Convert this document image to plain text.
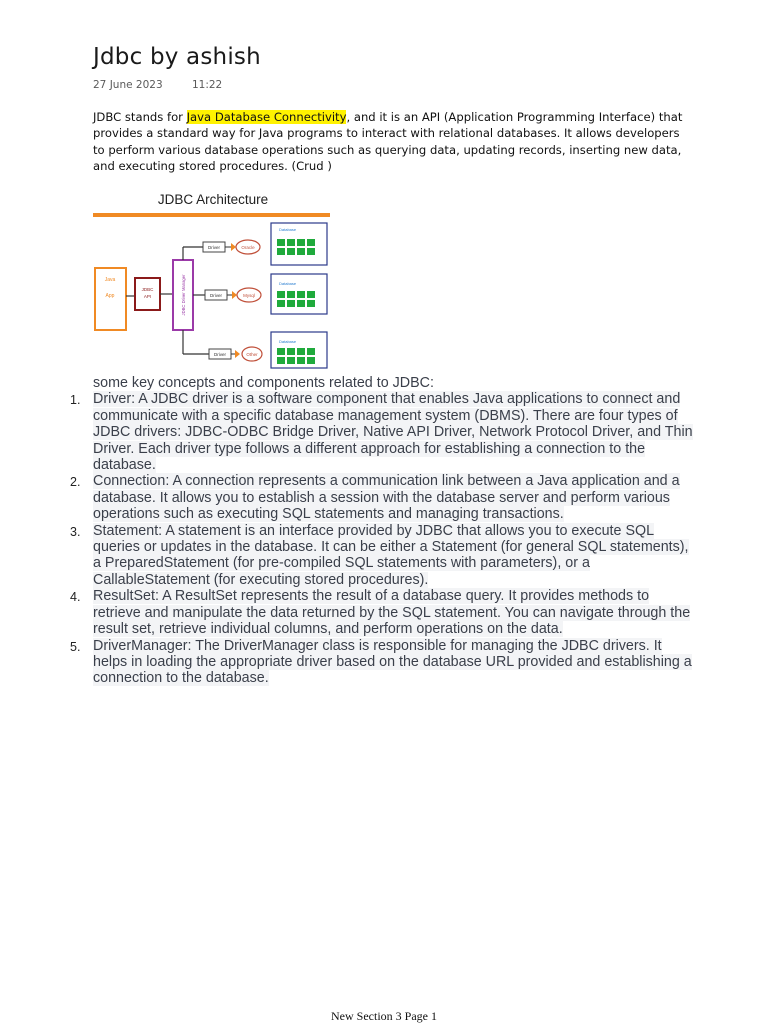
Jdbc by ashish
27 June 2023	11:22
JDBC stands for Java Database Connectivity, and it is an API (Application Programming Interface) that provides a standard way for Java programs to interact with relational databases. It allows developers to perform various database operations such as querying data, updating records, inserting new data, and executing stored procedures. (Crud )
JDBC Architecture
Java
App
JDBC
API	JDBC Driver Manager
Driver	Oracle
Database
Driver	Mysql
Database
Driver	Other
Database

some key concepts and components related to JDBC:

1. Driver: A JDBC driver is a software component that enables Java applications to connect and communicate with a specific database management system (DBMS). There are four types of JDBC drivers: JDBC-ODBC Bridge Driver, Native API Driver, Network Protocol Driver, and Thin Driver. Each driver type follows a different approach for establishing a connection to the database.
2. Connection: A connection represents a communication link between a Java application and a database. It allows you to establish a session with the database server and perform various operations such as executing SQL statements and managing transactions.
3. Statement: A statement is an interface provided by JDBC that allows you to execute SQL queries or updates in the database. It can be either a Statement (for general SQL statements), a PreparedStatement (for pre-compiled SQL statements with parameters), or a CallableStatement (for executing stored procedures).
4. ResultSet: A ResultSet represents the result of a database query. It provides methods to retrieve and manipulate the data returned by the SQL statement. You can navigate through the result set, retrieve individual columns, and perform operations on the data.
5. DriverManager: The DriverManager class is responsible for managing the JDBC drivers. It helps in loading the appropriate driver based on the database URL provided and establishing a connection to the database.
New Section 3 Page 1
